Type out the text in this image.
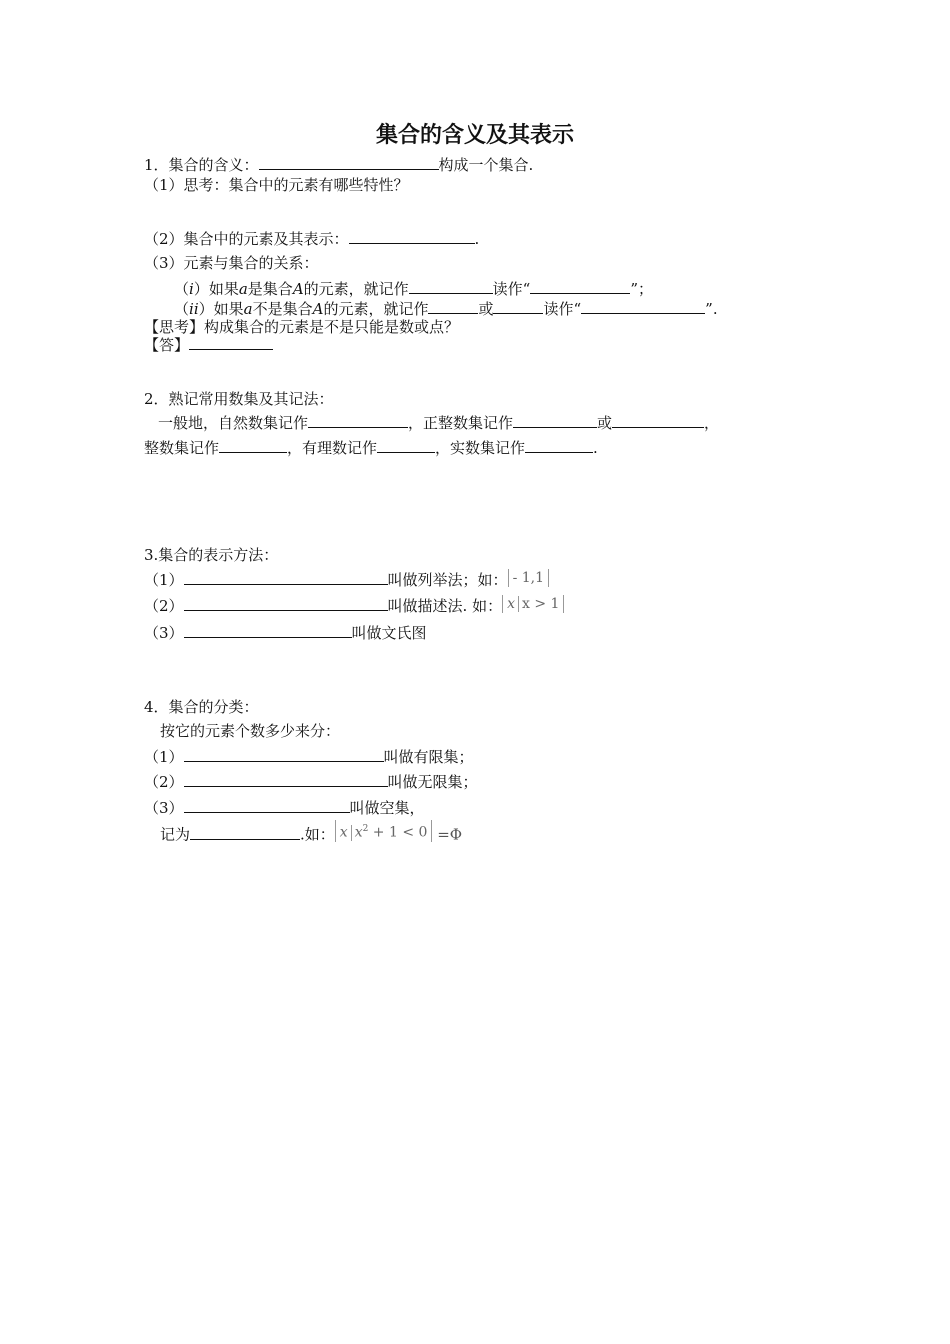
集合的含义及其表示
1．集合的含义：	构成一个集合.
（1）思考：集合中的元素有哪些特性？
（2）集合中的元素及其表示：	.
（3）元素与集合的关系：
（i）如果a是集合A的元素，就记作	读作“	”；
（ii）如果a不是集合A的元素，就记作	或	读作“	”.
【思考】构成集合的元素是不是只能是数或点？
【答】
2．熟记常用数集及其记法：
一般地，自然数集记作	，正整数集记作	或	，
整数集记作	，有理数记作	，实数集记作	.
3.集合的表示方法：
（1）	叫做列举法；如： - 1,1
（2）	叫做描述法. 如： x x > 1
（3）	叫做文氏图
4．集合的分类：
按它的元素个数多少来分：
（1）	叫做有限集；
（2）	叫做无限集；
（3）	叫做空集，
记为	.如： x $x^2 + 1 < 0 =\Phi$
